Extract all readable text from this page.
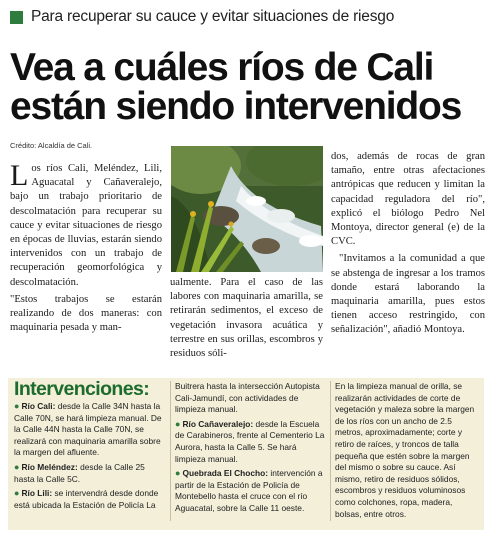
Para recuperar su cauce y evitar situaciones de riesgo
Vea a cuáles ríos de Cali
están siendo intervenidos
Crédito: Alcaldía de Cali.

Los ríos Cali, Meléndez, Lili, Aguacatal y Cañaveralejo, bajo un trabajo prioritario de descolmatación para recuperar su cauce y evitar situaciones de riesgo en épocas de lluvias, estarán siendo intervenidos con un trabajo de recuperación geomorfológica y descolmatación.

"Estos trabajos se estarán realizando de dos maneras: con maquinaria pesada y man-

ualmente. Para el caso de las labores con maquinaria amarilla, se retirarán sedimentos, el exceso de vegetación invasora acuática y terrestre en sus orillas, escombros y residuos sóli-

dos, además de rocas de gran tamaño, entre otras afectaciones antrópicas que reducen y limitan la capacidad reguladora del río", explicó el biólogo Pedro Nel Montoya, director general (e) de la CVC.

"Invitamos a la comunidad a que se abstenga de ingresar a los tramos donde estará laborando la maquinaria amarilla, pues estos tienen acceso restringido, con señalización", añadió Montoya.

Intervenciones:

● Río Cali: desde la Calle 34N hasta la Calle 70N, se hará limpieza manual. De la Calle 44N hasta la Calle 70N, se realizará con maquinaria amarilla sobre la margen del afluente.

● Río Meléndez: desde la Calle 25 hasta la Calle 5C.

● Río Lili: se intervendrá desde donde está ubicada la Estación de Policía La

Buitrera hasta la intersección Autopista Cali-Jamundí, con actividades de limpieza manual.

● Río Cañaveralejo: desde la Escuela de Carabineros, frente al Cementerio La Aurora, hasta la Calle 5. Se hará limpieza manual.

● Quebrada El Chocho: intervención a partir de la Estación de Policía de Montebello hasta el cruce con el río Aguacatal, sobre la Calle 11 oeste.

En la limpieza manual de orilla, se realizarán actividades de corte de vegetación y maleza sobre la margen de los ríos con un ancho de 2.5 metros, aproximadamente; corte y retiro de raíces, y troncos de talla pequeña que estén sobre la margen del mismo o sobre su cauce. Así mismo, retiro de residuos sólidos, escombros y residuos voluminosos como colchones, ropa, madera, bolsas, entre otros.
